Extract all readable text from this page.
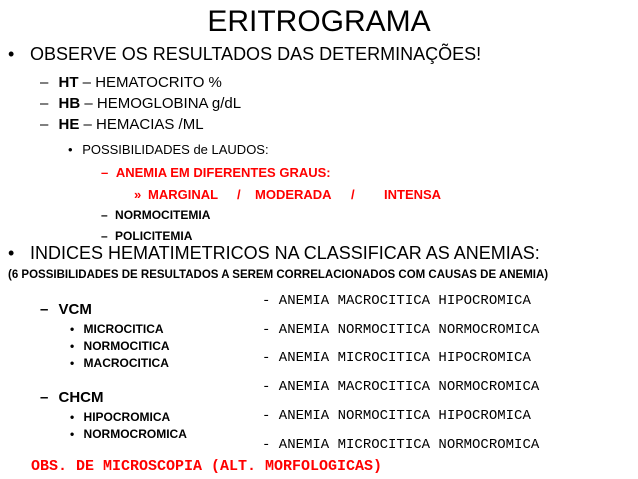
ERITROGRAMA
• OBSERVE OS RESULTADOS DAS DETERMINAÇÕES!
– HT – HEMATOCRITO %
– HB – HEMOGLOBINA g/dL
– HE – HEMACIAS /ML
• POSSIBILIDADES de LAUDOS:
– ANEMIA EM DIFERENTES GRAUS:
» MARGINAL / MODERADA / INTENSA
– NORMOCITEMIA
– POLICITEMIA
• INDICES HEMATIMETRICOS NA CLASSIFICAR AS ANEMIAS:
(6 POSSIBILIDADES DE RESULTADOS A SEREM CORRELACIONADOS COM CAUSAS DE ANEMIA)
– VCM
• MICROCITICA
• NORMOCITICA
• MACROCITICA
– CHCM
• HIPOCROMICA
• NORMOCROMICA
- ANEMIA MACROCITICA HIPOCROMICA
- ANEMIA NORMOCITICA NORMOCROMICA
- ANEMIA MICROCITICA HIPOCROMICA
- ANEMIA MACROCITICA NORMOCROMICA
- ANEMIA NORMOCITICA HIPOCROMICA
- ANEMIA MICROCITICA NORMOCROMICA
OBS. DE MICROSCOPIA (ALT. MORFOLOGICAS)
